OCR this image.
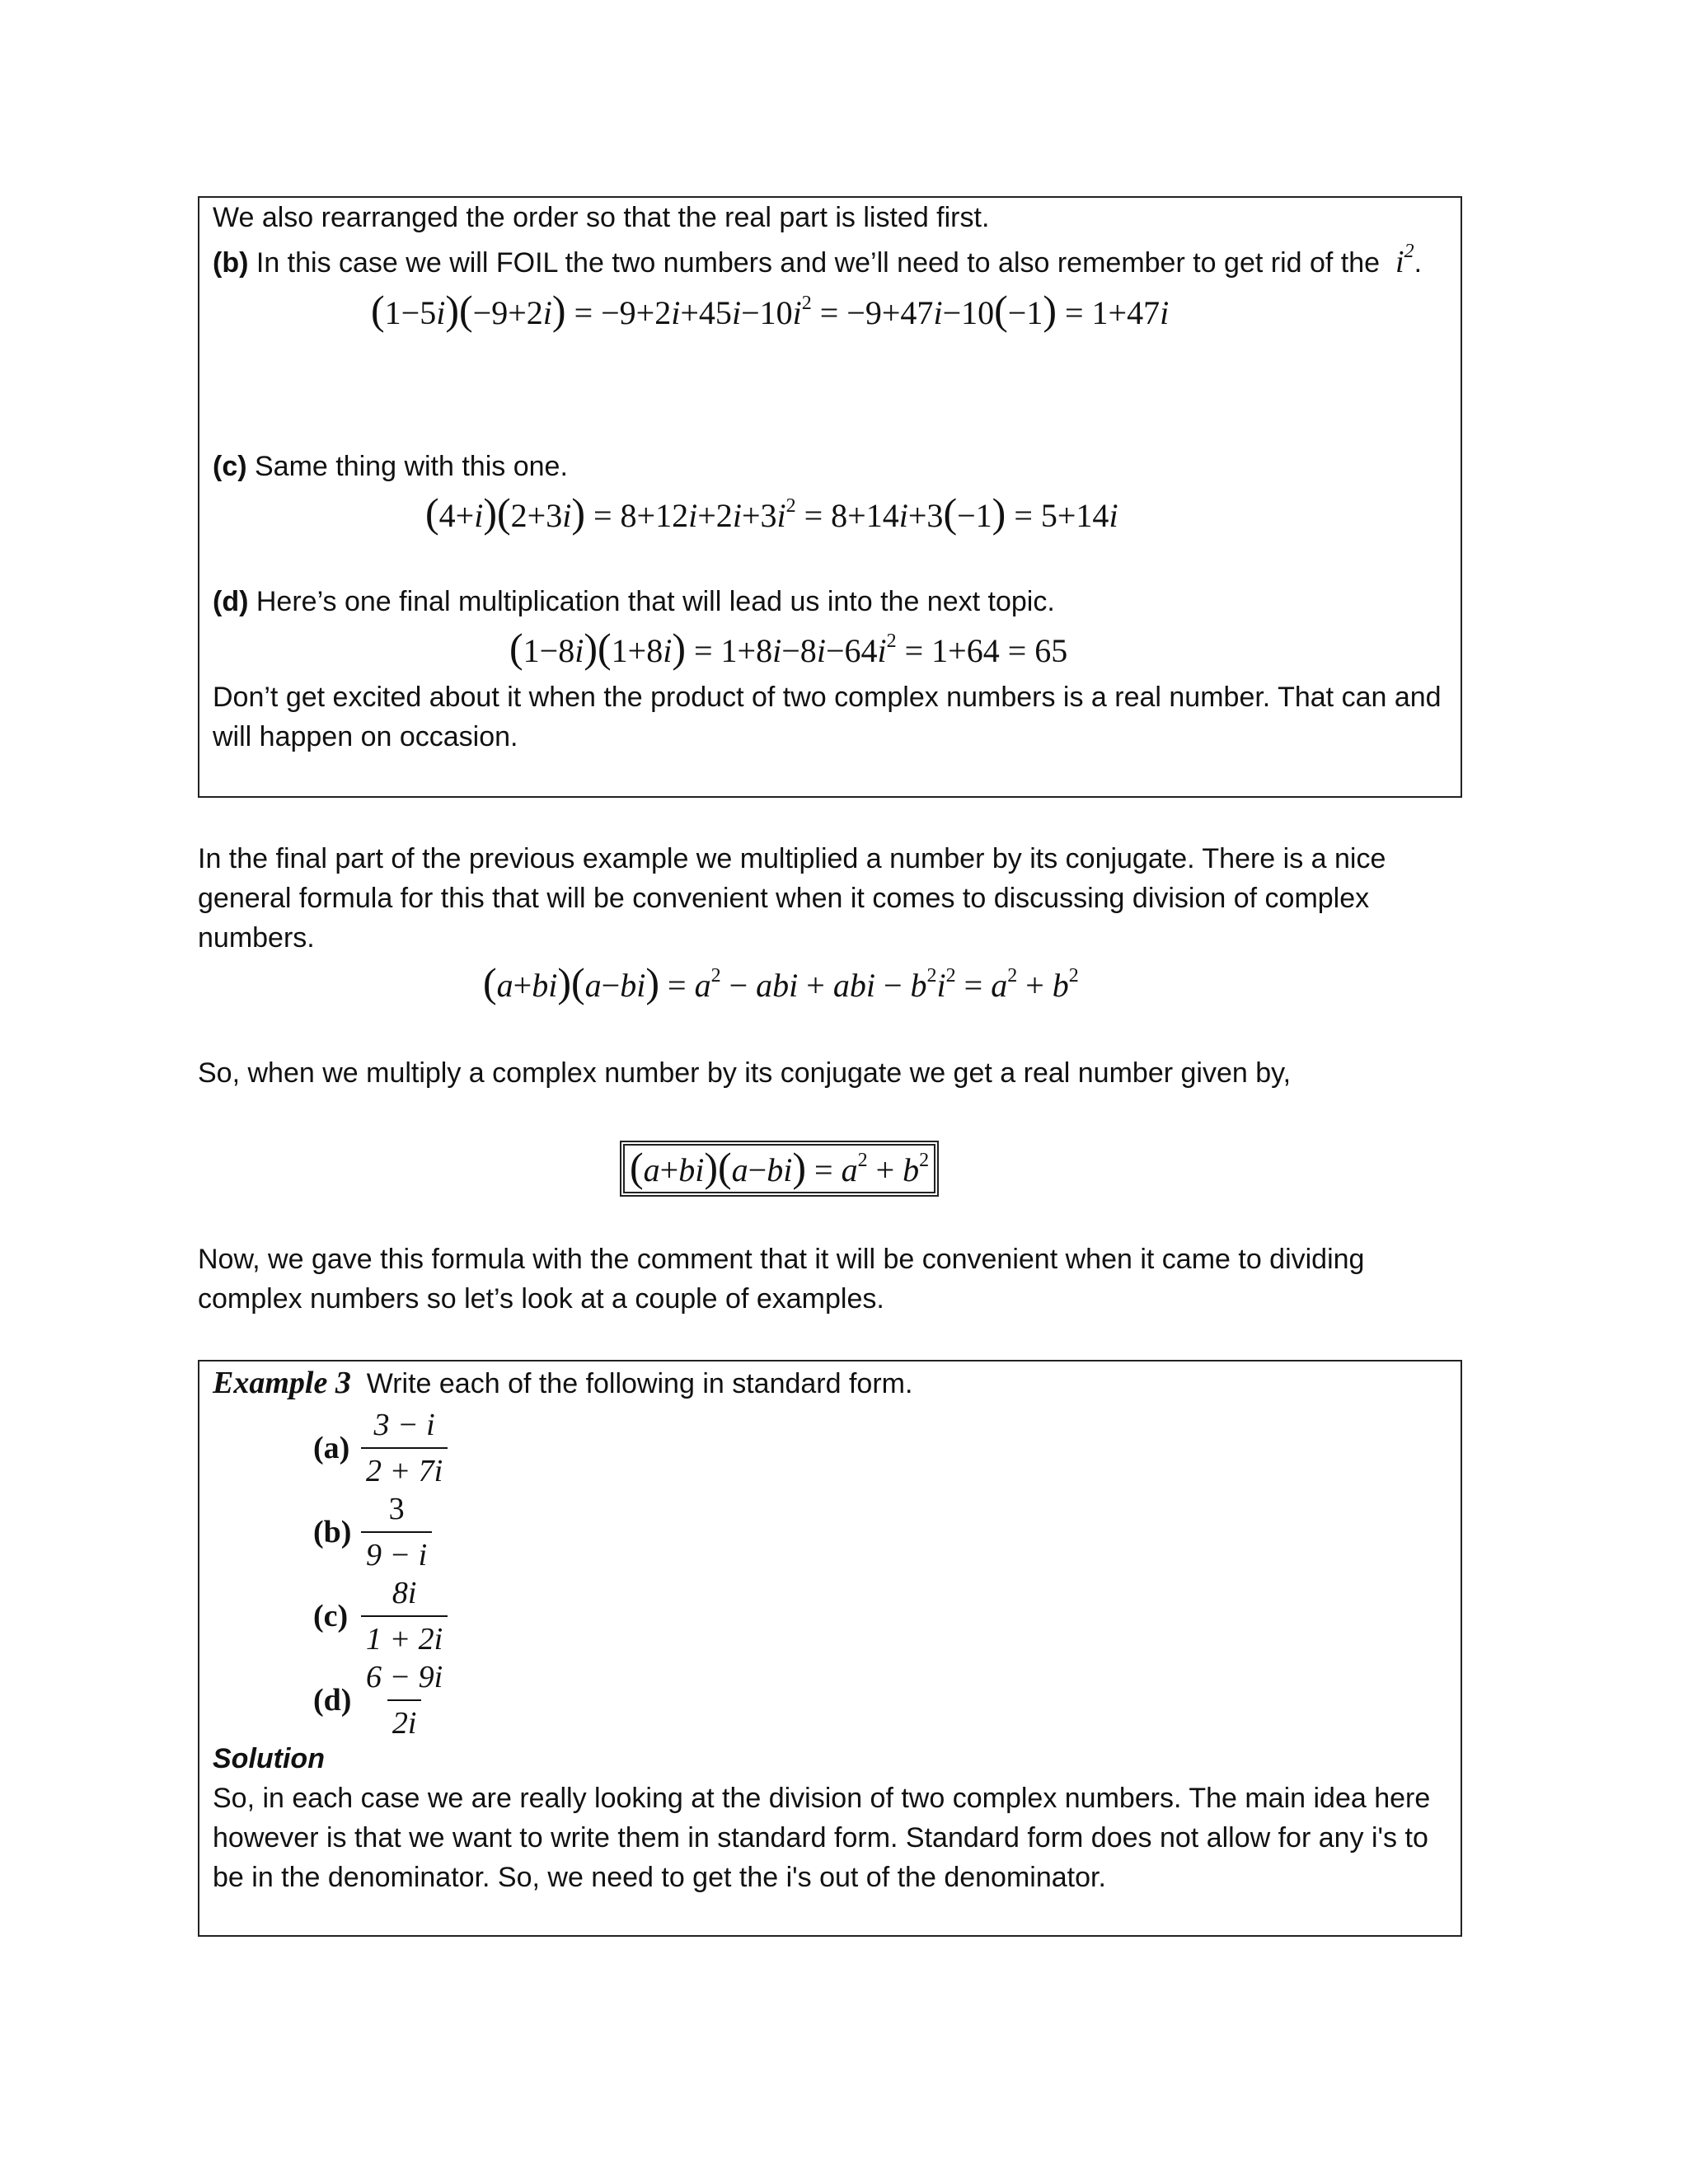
We also rearranged the order so that the real part is listed first.
(b) In this case we will FOIL the two numbers and we’ll need to also remember to get rid of the  $i^2$.
$(1-5i)(-9+2i) = -9+2i+45i-10i^2 = -9+47i-10(-1) = 1+47i$
(c) Same thing with this one.
$(4+i)(2+3i) = 8+12i+2i+3i^2 = 8+14i+3(-1) = 5+14i$
(d) Here’s one final multiplication that will lead us into the next topic.
$(1-8i)(1+8i) = 1+8i-8i-64i^2 = 1+64 = 65$
Don’t get excited about it when the product of two complex numbers is a real number. That can and will happen on occasion.
In the final part of the previous example we multiplied a number by its conjugate. There is a nice general formula for this that will be convenient when it comes to discussing division of complex numbers.
$(a+bi)(a-bi) = a^2$ − abi + abi − $b^2i^2 = a^2 + b^2$
So, when we multiply a complex number by its conjugate we get a real number given by,
$(a+bi)(a-bi) = a^2 + b^2$
Now, we gave this formula with the comment that it will be convenient when it came to dividing complex numbers so let’s look at a couple of examples.
Example 3 Write each of the following in standard form.
$(a) \frac{3 - i}{2 + 7i}$
$(b) \frac{3}{9 - i}$
$(c) \frac{8i}{1 + 2i}$
$(d) \frac{6 - 9i}{2i}$
Solution
So, in each case we are really looking at the division of two complex numbers. The main idea here however is that we want to write them in standard form. Standard form does not allow for any i's to be in the denominator. So, we need to get the i's out of the denominator.
